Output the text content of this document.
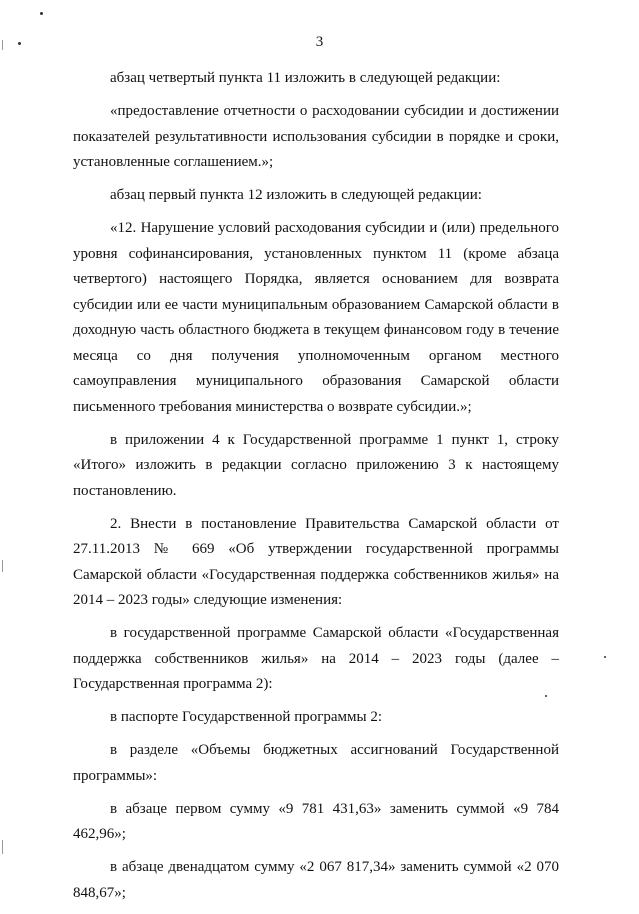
3

абзац четвертый пункта 11 изложить в следующей редакции:

«предоставление отчетности о расходовании субсидии и достижении показателей результативности использования субсидии в порядке и сроки, установленные соглашением.»;

абзац первый пункта 12 изложить в следующей редакции:

«12. Нарушение условий расходования субсидии и (или) предельного уровня софинансирования, установленных пунктом 11 (кроме абзаца четвертого) настоящего Порядка, является основанием для возврата субсидии или ее части муниципальным образованием Самарской области в доходную часть областного бюджета в текущем финансовом году в течение месяца со дня получения уполномоченным органом местного самоуправления муниципального образования Самарской области письменного требования министерства о возврате субсидии.»;

в приложении 4 к Государственной программе 1 пункт 1, строку «Итого» изложить в редакции согласно приложению 3 к настоящему постановлению.

2. Внести в постановление Правительства Самарской области от 27.11.2013 № 669 «Об утверждении государственной программы Самарской области «Государственная поддержка собственников жилья» на 2014 – 2023 годы» следующие изменения:

в государственной программе Самарской области «Государственная поддержка собственников жилья» на 2014 – 2023 годы (далее – Государственная программа 2):

в паспорте Государственной программы 2:

в разделе «Объемы бюджетных ассигнований Государственной программы»:

в абзаце первом сумму «9 781 431,63» заменить суммой «9 784 462,96»;

в абзаце двенадцатом сумму «2 067 817,34» заменить суммой «2 070 848,67»;
